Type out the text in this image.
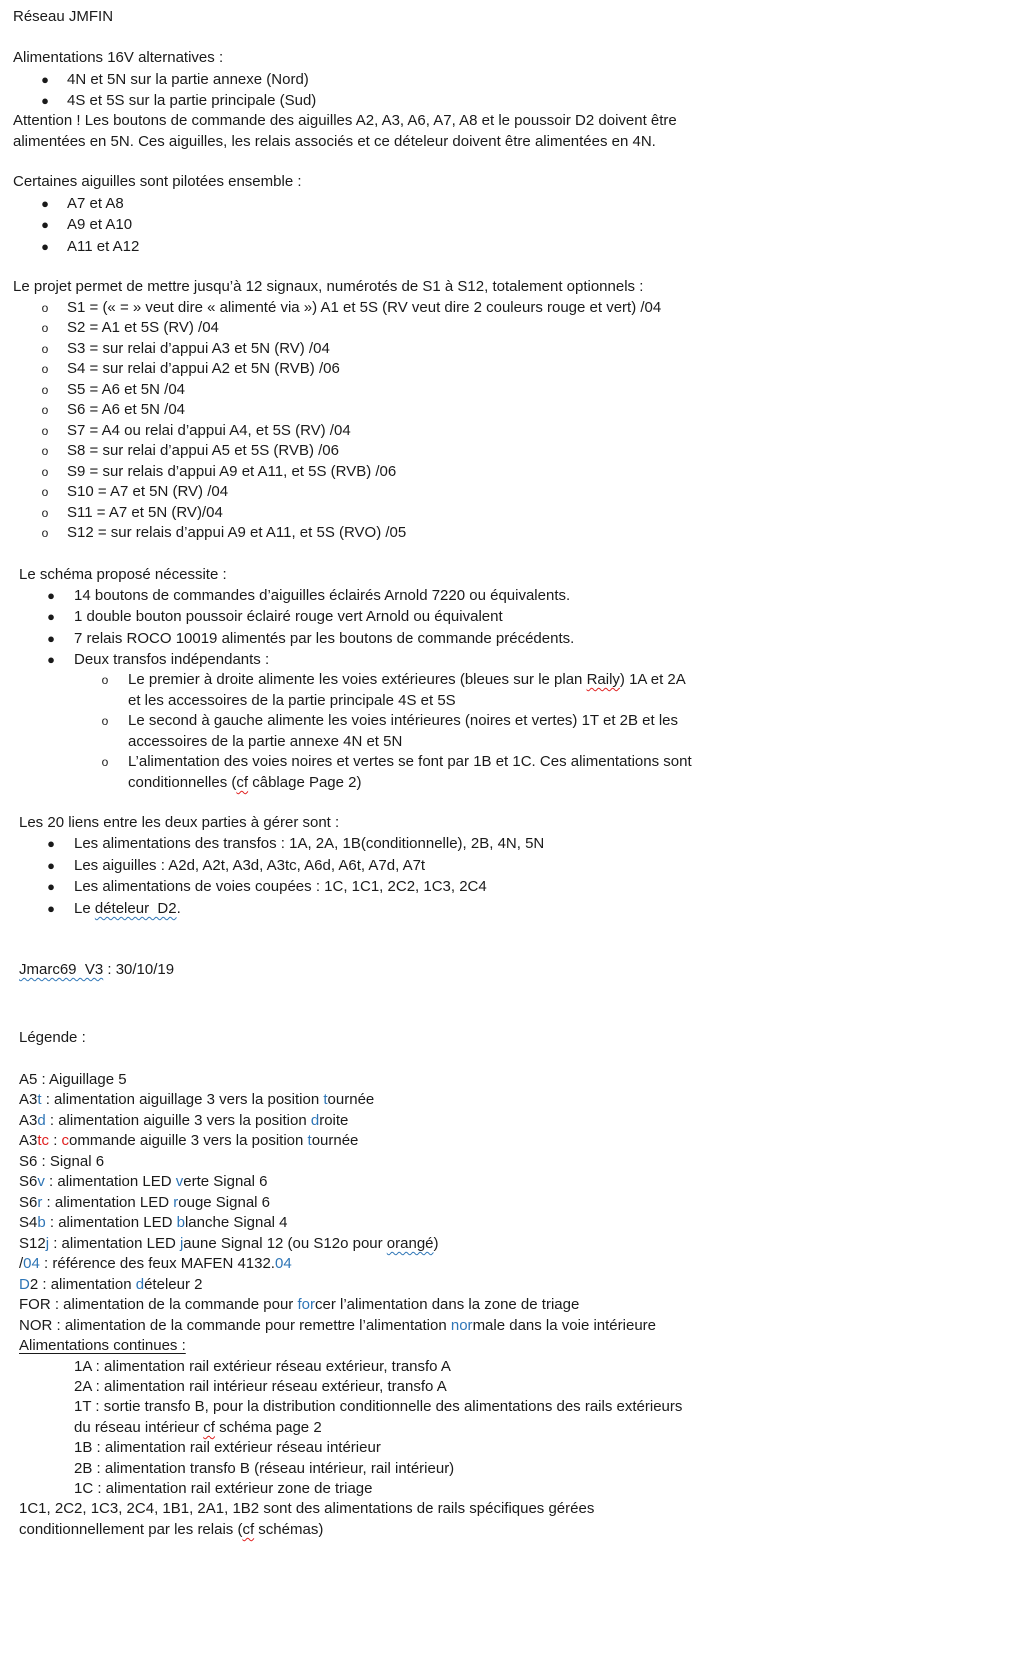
Réseau JMFIN
Alimentations 16V alternatives :
● 4N et 5N sur la partie annexe (Nord)
● 4S et 5S sur la partie principale (Sud)
Attention ! Les boutons de commande des aiguilles A2, A3, A6, A7, A8 et le poussoir D2 doivent être
alimentées en 5N. Ces aiguilles, les relais associés et ce dételeur doivent être alimentées en 4N.
Certaines aiguilles sont pilotées ensemble :
● A7 et A8
● A9 et A10
● A11 et A12
Le projet permet de mettre jusqu’à 12 signaux, numérotés de S1 à S12, totalement optionnels :
o S1 = (« = » veut dire « alimenté via ») A1 et 5S (RV veut dire 2 couleurs rouge et vert) /04
o S2 = A1 et 5S (RV) /04
o S3 = sur relai d’appui A3 et 5N (RV) /04
o S4 = sur relai d’appui A2 et 5N (RVB) /06
o S5 = A6 et 5N /04
o S6 = A6 et 5N /04
o S7 = A4 ou relai d’appui A4, et 5S (RV) /04
o S8 = sur relai d’appui A5 et 5S (RVB) /06
o S9 = sur relais d’appui A9 et A11, et 5S (RVB) /06
o S10 = A7 et 5N (RV) /04
o S11 = A7 et 5N (RV)/04
o S12 = sur relais d’appui A9 et A11, et 5S (RVO) /05
Le schéma proposé nécessite :
● 14 boutons de commandes d’aiguilles éclairés Arnold 7220 ou équivalents.
● 1 double bouton poussoir éclairé rouge vert Arnold ou équivalent
● 7 relais ROCO 10019 alimentés par les boutons de commande précédents.
● Deux transfos indépendants :
o Le premier à droite alimente les voies extérieures (bleues sur le plan Raily) 1A et 2A
et les accessoires de la partie principale 4S et 5S
o Le second à gauche alimente les voies intérieures (noires et vertes) 1T et 2B et les
accessoires de la partie annexe 4N et 5N
o L’alimentation des voies noires et vertes se font par 1B et 1C. Ces alimentations sont
conditionnelles (cf câblage Page 2)
Les 20 liens entre les deux parties à gérer sont :
● Les alimentations des transfos : 1A, 2A, 1B(conditionnelle), 2B, 4N, 5N
● Les aiguilles : A2d, A2t, A3d, A3tc, A6d, A6t, A7d, A7t
● Les alimentations de voies coupées : 1C, 1C1, 2C2, 1C3, 2C4
● Le dételeur  D2.
Jmarc69  V3 : 30/10/19
Légende :
A5 : Aiguillage 5
A3t : alimentation aiguillage 3 vers la position tournée
A3d : alimentation aiguille 3 vers la position droite
A3tc : commande aiguille 3 vers la position tournée
S6 : Signal 6
S6v : alimentation LED verte Signal 6
S6r : alimentation LED rouge Signal 6
S4b : alimentation LED blanche Signal 4
S12j : alimentation LED jaune Signal 12 (ou S12o pour orangé)
/04 : référence des feux MAFEN 4132.04
D2 : alimentation dételeur 2
FOR : alimentation de la commande pour forcer l’alimentation dans la zone de triage
NOR : alimentation de la commande pour remettre l’alimentation normale dans la voie intérieure
Alimentations continues :
1A : alimentation rail extérieur réseau extérieur, transfo A
2A : alimentation rail intérieur réseau extérieur, transfo A
1T : sortie transfo B, pour la distribution conditionnelle des alimentations des rails extérieurs
du réseau intérieur cf schéma page 2
1B : alimentation rail extérieur réseau intérieur
2B : alimentation transfo B (réseau intérieur, rail intérieur)
1C : alimentation rail extérieur zone de triage
1C1, 2C2, 1C3, 2C4, 1B1, 2A1, 1B2 sont des alimentations de rails spécifiques gérées
conditionnellement par les relais (cf schémas)
